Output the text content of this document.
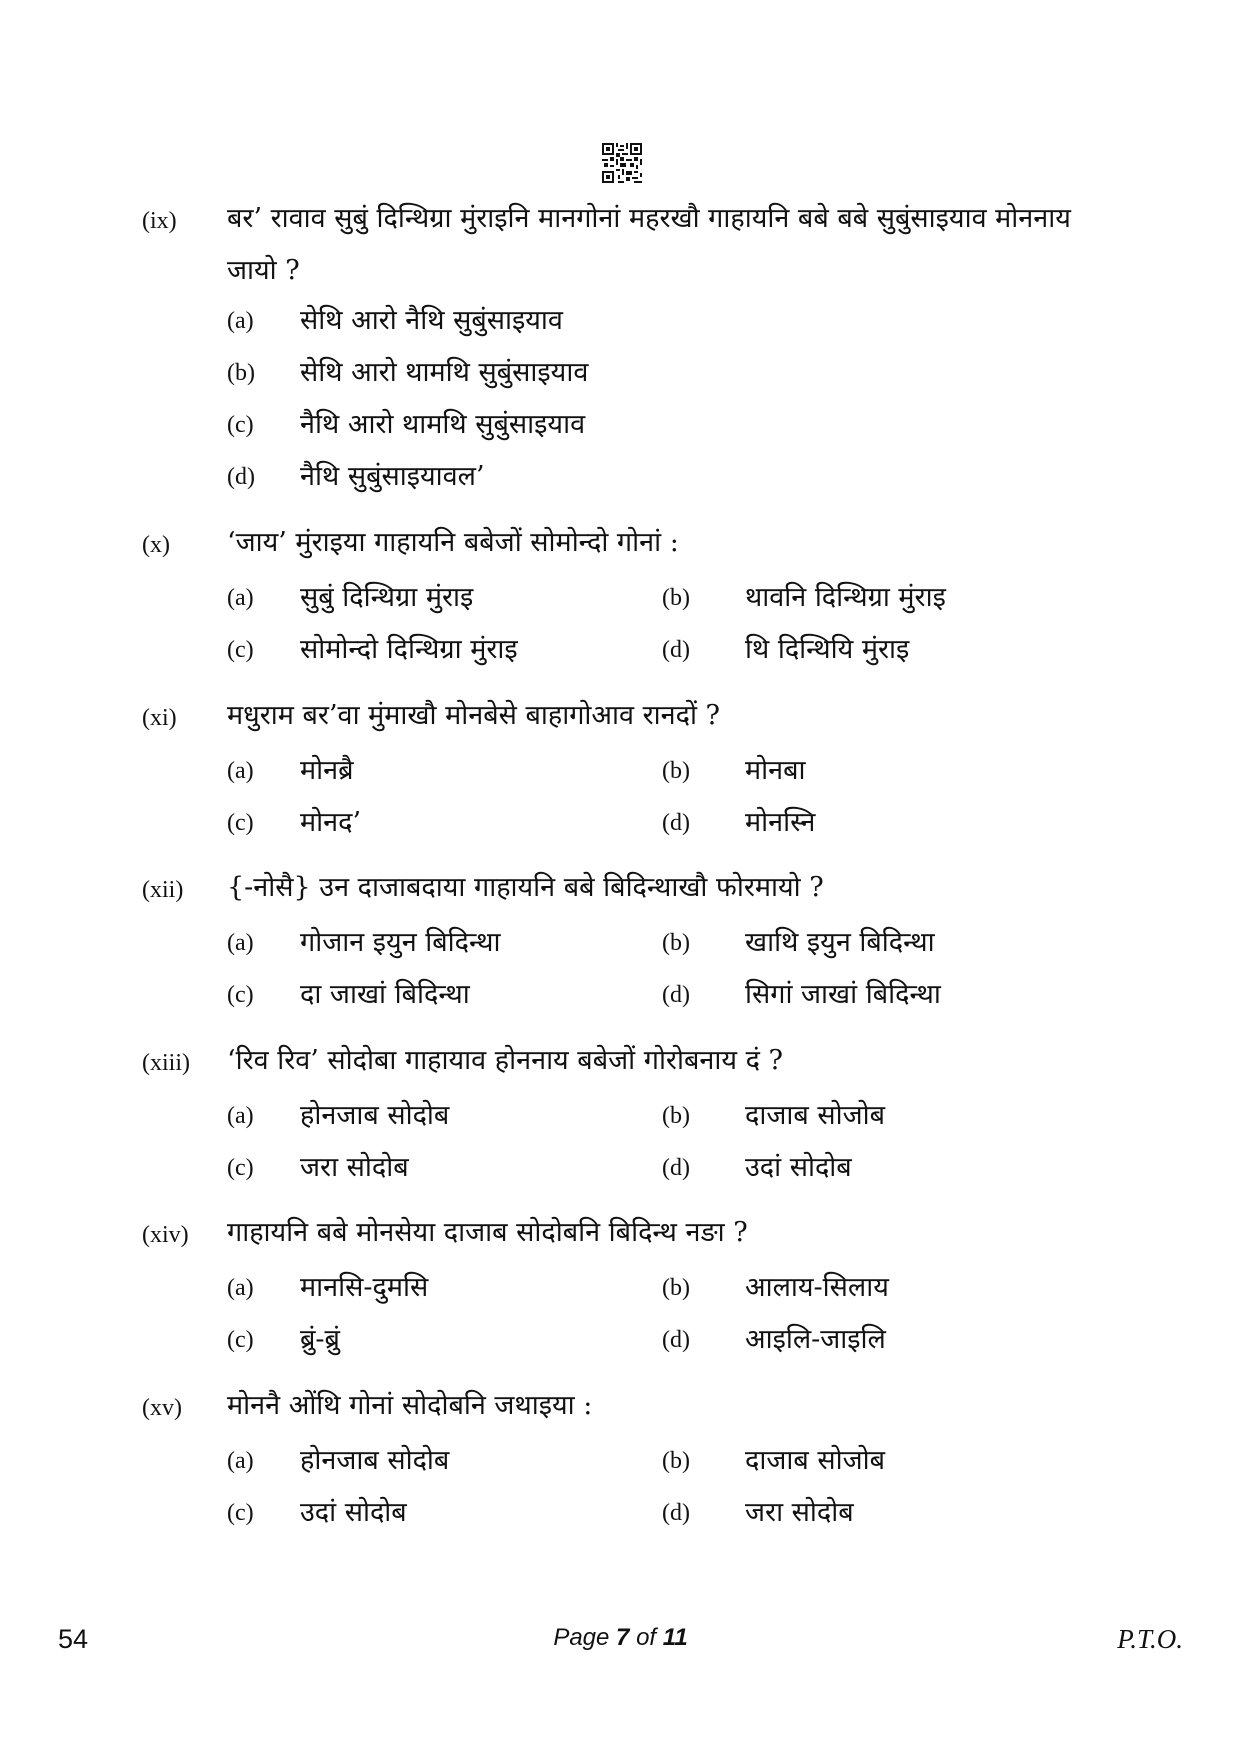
(ix) बर’ रावाव सुबुं दिन्थिग्रा मुंराइनि मानगोनां महरखौ गाहायनि बबे बबे सुबुंसाइयाव मोननाय जायो ?
(a) सेथि आरो नैथि सुबुंसाइयाव
(b) सेथि आरो थामथि सुबुंसाइयाव
(c) नैथि आरो थामथि सुबुंसाइयाव
(d) नैथि सुबुंसाइयावल’
(x) ‘जाय’ मुंराइया गाहायनि बबेजों सोमोन्दो गोनां :
(a) सुबुं दिन्थिग्रा मुंराइ	(b) थावनि दिन्थिग्रा मुंराइ
(c) सोमोन्दो दिन्थिग्रा मुंराइ	(d) थि दिन्थियि मुंराइ
(xi) मधुराम बर’वा मुंमाखौ मोनबेसे बाहागोआव रानदों ?
(a) मोनब्रै	(b) मोनबा
(c) मोनद’	(d) मोनस्नि
(xii) {-नोसै} उन दाजाबदाया गाहायनि बबे बिदिन्थाखौ फोरमायो ?
(a) गोजान इयुन बिदिन्था	(b) खाथि इयुन बिदिन्था
(c) दा जाखां बिदिन्था	(d) सिगां जाखां बिदिन्था
(xiii) ‘रिव रिव’ सोदोबा गाहायाव होननाय बबेजों गोरोबनाय दं ?
(a) होनजाब सोदोब	(b) दाजाब सोजोब
(c) जरा सोदोब	(d) उदां सोदोब
(xiv) गाहायनि बबे मोनसेया दाजाब सोदोबनि बिदिन्थ नङा ?
(a) मानसि-दुमसि	(b) आलाय-सिलाय
(c) ब्रुं-ब्रुं	(d) आइलि-जाइलि
(xv) मोननै ओंथि गोनां सोदोबनि जथाइया :
(a) होनजाब सोदोब	(b) दाजाब सोजोब
(c) उदां सोदोब	(d) जरा सोदोब
54	Page 7 of 11	P.T.O.
